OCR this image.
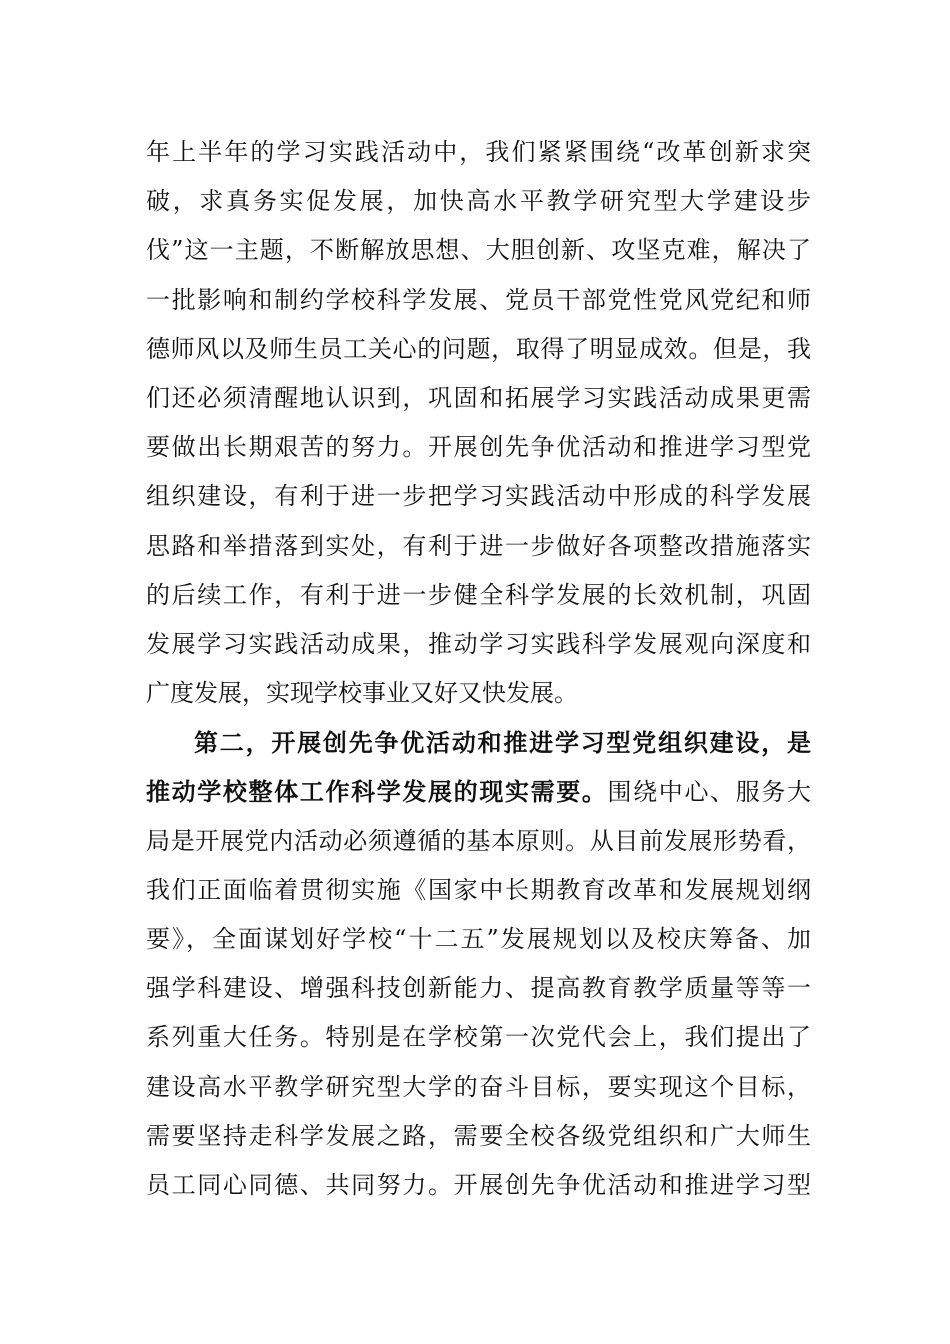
年上半年的学习实践活动中，我们紧紧围绕“改革创新求突
破，求真务实促发展，加快高水平教学研究型大学建设步
伐”这一主题，不断解放思想、大胆创新、攻坚克难，解决了
一批影响和制约学校科学发展、党员干部党性党风党纪和师
德师风以及师生员工关心的问题，取得了明显成效。但是，我
们还必须清醒地认识到，巩固和拓展学习实践活动成果更需
要做出长期艰苦的努力。开展创先争优活动和推进学习型党
组织建设，有利于进一步把学习实践活动中形成的科学发展
思路和举措落到实处，有利于进一步做好各项整改措施落实
的后续工作，有利于进一步健全科学发展的长效机制，巩固
发展学习实践活动成果，推动学习实践科学发展观向深度和
广度发展，实现学校事业又好又快发展。
第二，开展创先争优活动和推进学习型党组织建设，是
推动学校整体工作科学发展的现实需要。围绕中心、服务大
局是开展党内活动必须遵循的基本原则。从目前发展形势看，
我们正面临着贯彻实施《国家中长期教育改革和发展规划纲
要》，全面谋划好学校“十二五”发展规划以及校庆筹备、加
强学科建设、增强科技创新能力、提高教育教学质量等等一
系列重大任务。特别是在学校第一次党代会上，我们提出了
建设高水平教学研究型大学的奋斗目标，要实现这个目标，
需要坚持走科学发展之路，需要全校各级党组织和广大师生
员工同心同德、共同努力。开展创先争优活动和推进学习型
